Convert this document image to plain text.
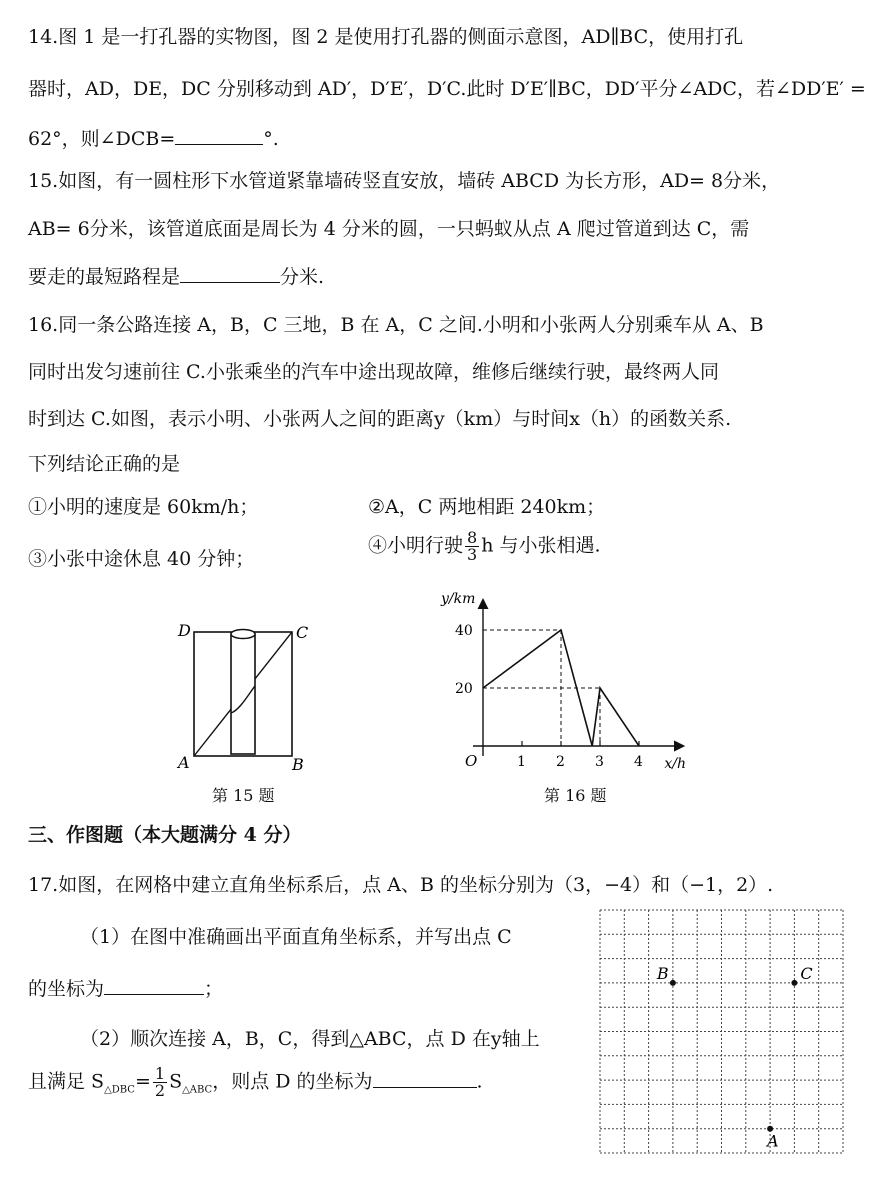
14.图 1 是一打孔器的实物图，图 2 是使用打孔器的侧面示意图，AD∥BC，使用打孔
器时，AD，DE，DC 分别移动到 AD′，D′E′，D′C.此时 D′E′∥BC，DD′平分∠ADC，若∠DD′E′ =
62°，则∠DCB=	°.
15.如图，有一圆柱形下水管道紧靠墙砖竖直安放，墙砖 ABCD 为长方形，AD= 8分米，
AB= 6分米，该管道底面是周长为 4 分米的圆，一只蚂蚁从点 A 爬过管道到达 C，需
要走的最短路程是	分米.
16.同一条公路连接 A，B，C 三地，B 在 A，C 之间.小明和小张两人分别乘车从 A、B
同时出发匀速前往 C.小张乘坐的汽车中途出现故障，维修后继续行驶，最终两人同
时到达 C.如图，表示小明、小张两人之间的距离y（km）与时间x（h）的函数关系.
下列结论正确的是
①小明的速度是 60km/h；	②A，C 两地相距 240km；
③小张中途休息 40 分钟；
④小明行驶 $\frac{8}{3}$ h 与小张相遇.
D	C
A	B
第 15 题
1 2 3 4
20
40
y/km
x/h
O
第 16 题
三、作图题（本大题满分 4 分）
17.如图，在网格中建立直角坐标系后，点 A、B 的坐标分别为（3，−4）和（−1，2）.
（1）在图中准确画出平面直角坐标系，并写出点 C
的坐标为	；
（2）顺次连接 A，B，C，得到△ABC，点 D 在y轴上
且满足 $S_{\triangle DBC}= \frac{1}{2} S_{\triangle ABC}$，则点 D 的坐标为	.
B	C
A
